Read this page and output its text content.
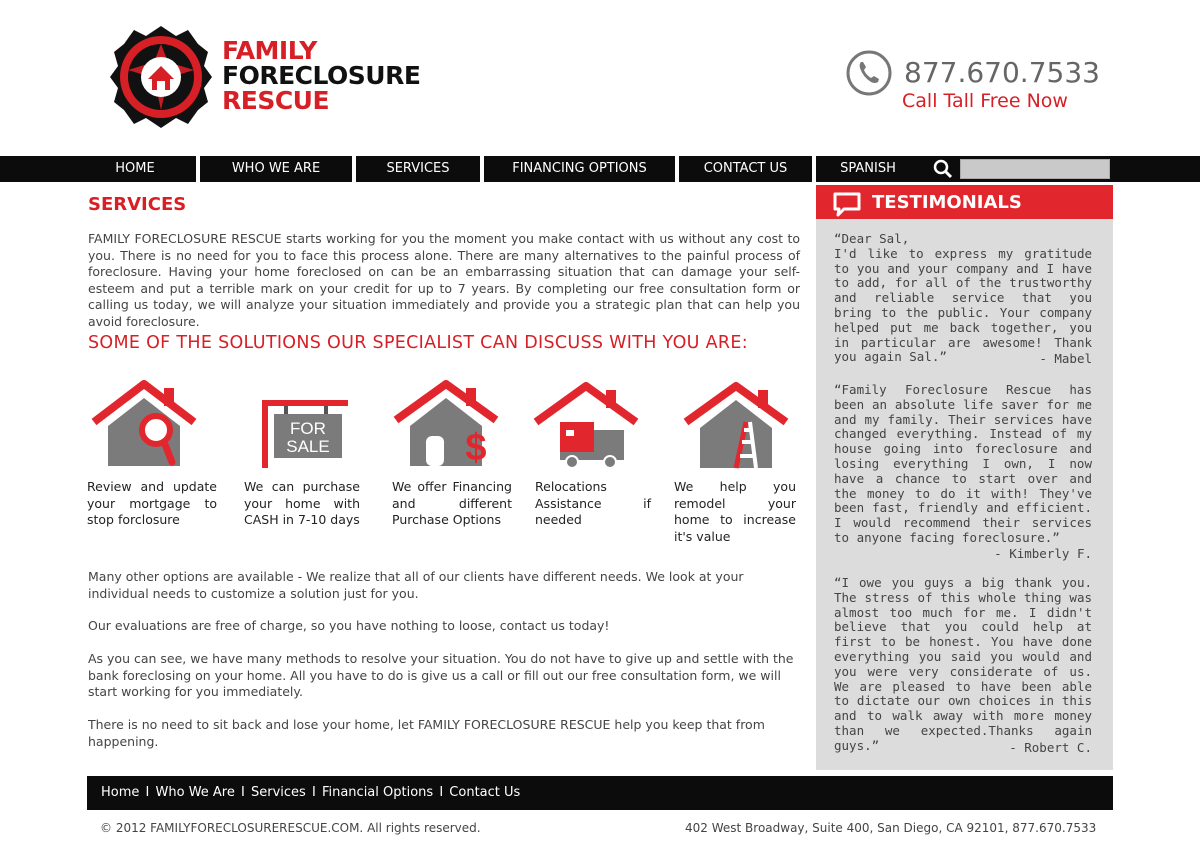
FAMILY
FORECLOSURE
RESCUE
877.670.7533
Call Tall Free Now
HOME	WHO WE ARE	SERVICES	FINANCING OPTIONS	CONTACT US	SPANISH
SERVICES
FAMILY FORECLOSURE RESCUE starts working for you the moment you make contact with us without any cost to you. There is no need for you to face this process alone. There are many alternatives to the painful process of foreclosure. Having your home foreclosed on can be an embarrassing situation that can damage your self-esteem and put a terrible mark on your credit for up to 7 years. By completing our free consultation form or calling us today, we will analyze your situation immediately and provide you a strategic plan that can help you avoid foreclosure.
SOME OF THE SOLUTIONS OUR SPECIALIST CAN DISCUSS WITH YOU ARE:
FOR
SALE	$
Review and update your mortgage to stop forclosure
We can purchase your home with CASH in 7-10 days
We offer Financing and different Purchase Options
Relocations Assistance if needed
We help you remodel your home to increase it's value
Many other options are available - We realize that all of our clients have different needs. We look at your individual needs to customize a solution just for you.
Our evaluations are free of charge, so you have nothing to loose, contact us today!
As you can see, we have many methods to resolve your situation. You do not have to give up and settle with the bank foreclosing on your home. All you have to do is give us a call or fill out our free consultation form, we will start working for you immediately.
There is no need to sit back and lose your home, let FAMILY FORECLOSURE RESCUE help you keep that from happening.
TESTIMONIALS
“Dear Sal,
I'd like to express my gratitude to you and your company and I have to add, for all of the trustworthy and reliable service that you bring to the public. Your company helped put me back together, you in particular are awesome! Thank you again Sal.”	- Mabel
“Family Foreclosure Rescue has been an absolute life saver for me and my family. Their services have changed everything. Instead of my house going into foreclosure and losing everything I own, I now have a chance to start over and the money to do it with! They've been fast, friendly and efficient. I would recommend their services to anyone facing foreclosure.”
- Kimberly F.
“I owe you guys a big thank you. The stress of this whole thing was almost too much for me. I didn't believe that you could help at first to be honest. You have done everything you said you would and you were very considerate of us. We are pleased to have been able to dictate our own choices in this and to walk away with more money than we expected.Thanks again guys.”	- Robert C.
Home I Who We Are I Services I Financial Options I Contact Us
© 2012 FAMILYFORECLOSURERESCUE.COM. All rights reserved.	402 West Broadway, Suite 400, San Diego, CA 92101, 877.670.7533
